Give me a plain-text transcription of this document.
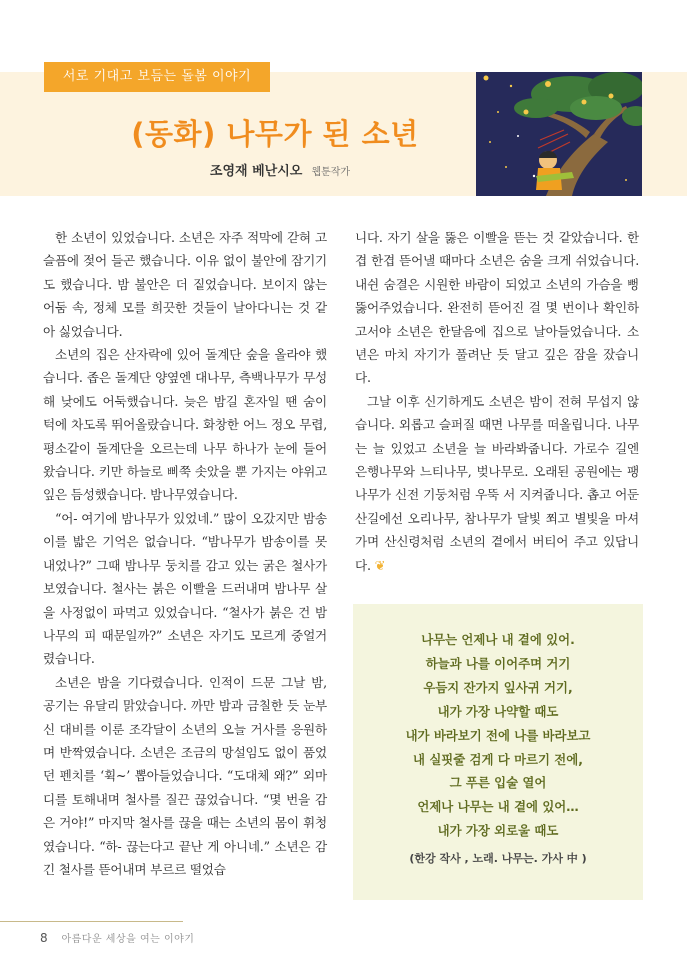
서로 기대고 보듬는 돌봄 이야기
(동화) 나무가 된 소년
조영재 베난시오 웹툰작가

한 소년이 있었습니다. 소년은 자주 적막에 갇혀 고 슬픔에 젖어 들곤 했습니다. 이유 없이 불안에 잠기기도 했습니다. 밤 불안은 더 짙었습니다. 보이지 않는 어둠 속, 정체 모를 희끗한 것들이 날아다니는 것 같아 싫었습니다.

소년의 집은 산자락에 있어 돌계단 숲을 올라야 했습니다. 좁은 돌계단 양옆엔 대나무, 측백나무가 무성해 낮에도 어둑했습니다. 늦은 밤길 혼자일 땐 숨이 턱에 차도록 뛰어올랐습니다. 화창한 어느 정오 무렵, 평소같이 돌계단을 오르는데 나무 하나가 눈에 들어왔습니다. 키만 하늘로 삐쭉 솟았을 뿐 가지는 야위고 잎은 듬성했습니다. 밤나무였습니다.

“어- 여기에 밤나무가 있었네.” 많이 오갔지만 밤송이를 밟은 기억은 없습니다. “밤나무가 밤송이를 못 내었나?” 그때 밤나무 둥치를 감고 있는 굵은 철사가 보였습니다. 철사는 붉은 이빨을 드러내며 밤나무 살을 사정없이 파먹고 있었습니다. “철사가 붉은 건 밤나무의 피 때문일까?” 소년은 자기도 모르게 중얼거렸습니다.

소년은 밤을 기다렸습니다. 인적이 드문 그날 밤, 공기는 유달리 맑았습니다. 까만 밤과 금칠한 듯 눈부신 대비를 이룬 조각달이 소년의 오늘 거사를 응원하며 반짝였습니다. 소년은 조금의 망설임도 없이 품었던 펜치를 ‘휙~’ 뽑아들었습니다. “도대체 왜?” 외마디를 토해내며 철사를 질끈 끊었습니다. “몇 번을 감은 거야!” 마지막 철사를 끊을 때는 소년의 몸이 휘청였습니다. “하- 끊는다고 끝난 게 아니네.” 소년은 감긴 철사를 뜯어내며 부르르 떨었습

니다. 자기 살을 뚫은 이빨을 뜯는 것 같았습니다. 한겹 한겹 뜯어낼 때마다 소년은 숨을 크게 쉬었습니다. 내쉰 숨결은 시원한 바람이 되었고 소년의 가슴을 뻥 뚫어주었습니다. 완전히 뜯어진 걸 몇 번이나 확인하고서야 소년은 한달음에 집으로 날아들었습니다. 소년은 마치 자기가 풀려난 듯 달고 깊은 잠을 잤습니다.

그날 이후 신기하게도 소년은 밤이 전혀 무섭지 않습니다. 외롭고 슬퍼질 때면 나무를 떠올립니다. 나무는 늘 있었고 소년을 늘 바라봐줍니다. 가로수 길엔 은행나무와 느티나무, 벚나무로. 오래된 공원에는 팽나무가 신전 기둥처럼 우뚝 서 지켜줍니다. 촙고 어둔 산길에선 오리나무, 참나무가 달빛 쬐고 별빛을 마셔가며 산신령처럼 소년의 곁에서 버티어 주고 있답니다. ❦

나무는 언제나 내 곁에 있어.
하늘과 나를 이어주며 거기
우듬지 잔가지 잎사귀 거기,
내가 가장 나약할 때도
내가 바라보기 전에 나를 바라보고
내 실핏줄 검게 다 마르기 전에,
그 푸른 입술 열어
언제나 나무는 내 곁에 있어…
내가 가장 외로울 때도
(한강 작사 , 노래. 나무는. 가사 中 )
8 아름다운 세상을 여는 이야기
